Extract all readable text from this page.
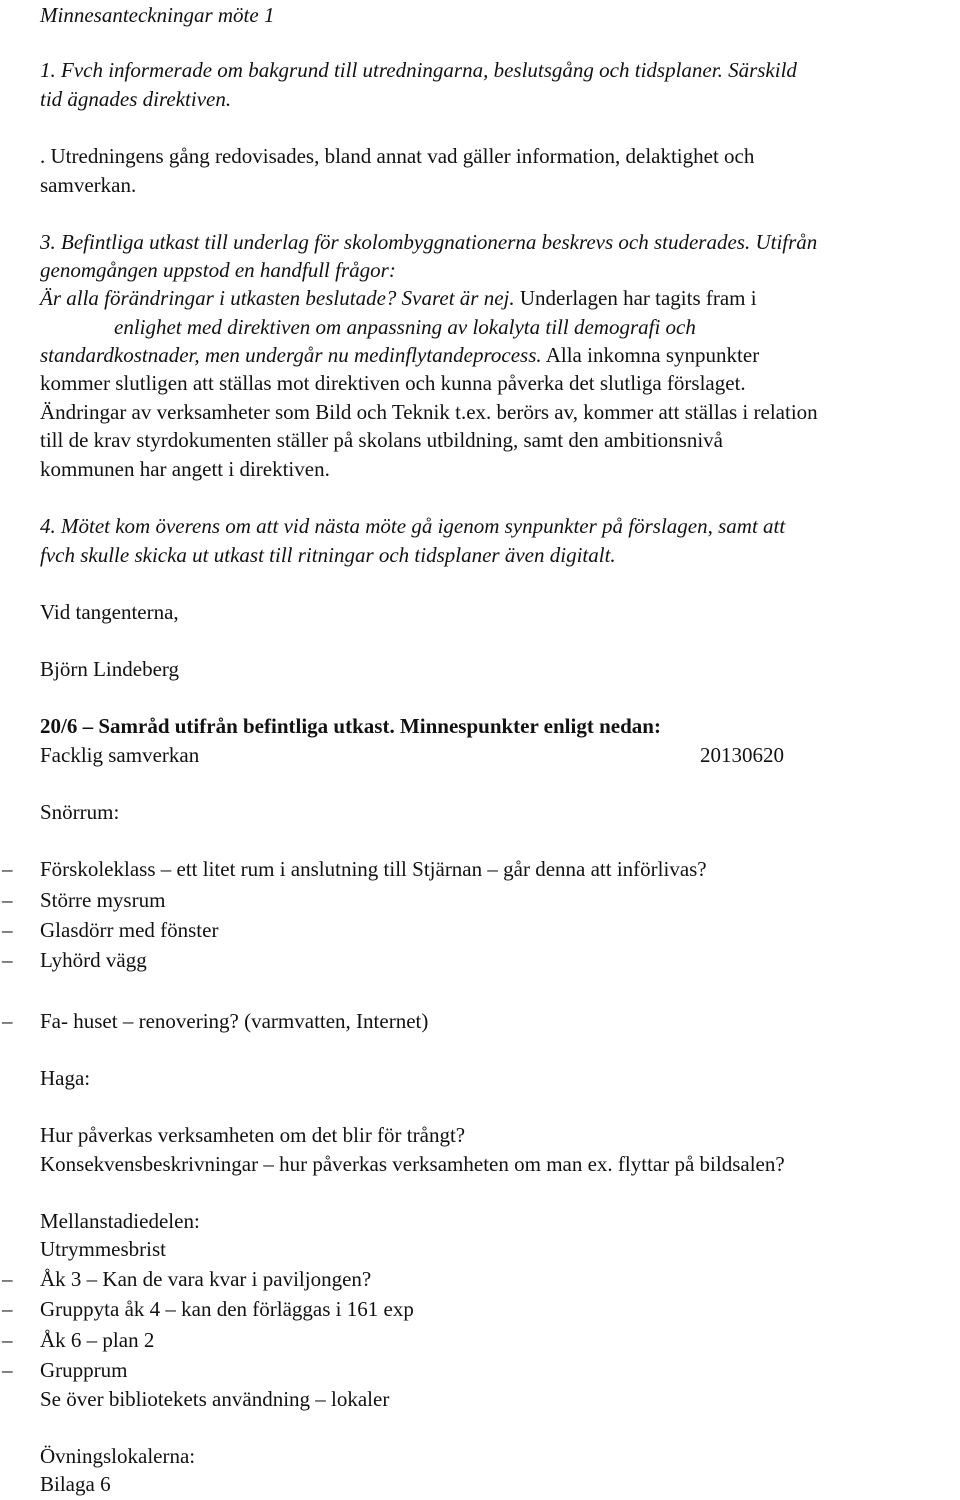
Minnesanteckningar möte 1
1. Fvch informerade om bakgrund till utredningarna, beslutsgång och tidsplaner. Särskild
tid ägnades direktiven.
. Utredningens gång redovisades, bland annat vad gäller information, delaktighet och
samverkan.
3. Befintliga utkast till underlag för skolombyggnationerna beskrevs och studerades. Utifrån
genomgången uppstod en handfull frågor:
Är alla förändringar i utkasten beslutade? Svaret är nej. Underlagen har tagits fram i
enlighet med direktiven om anpassning av lokalyta till demografi och
standardkostnader, men undergår nu medinflytandeprocess. Alla inkomna synpunkter
kommer slutligen att ställas mot direktiven och kunna påverka det slutliga förslaget.
Ändringar av verksamheter som Bild och Teknik t.ex. berörs av, kommer att ställas i relation
till de krav styrdokumenten ställer på skolans utbildning, samt den ambitionsnivå
kommunen har angett i direktiven.
4. Mötet kom överens om att vid nästa möte gå igenom synpunkter på förslagen, samt att
fvch skulle skicka ut utkast till ritningar och tidsplaner även digitalt.
Vid tangenterna,
Björn Lindeberg
20/6 – Samråd utifrån befintliga utkast. Minnespunkter enligt nedan:
Facklig samverkan	20130620
Snörrum:
–	Förskoleklass – ett litet rum i anslutning till Stjärnan – går denna att införlivas?
–	Större mysrum
–	Glasdörr med fönster
–	Lyhörd vägg
–	Fa- huset – renovering? (varmvatten, Internet)
Haga:
Hur påverkas verksamheten om det blir för trångt?
Konsekvensbeskrivningar – hur påverkas verksamheten om man ex. flyttar på bildsalen?
Mellanstadiedelen:
Utrymmesbrist
–	Åk 3 – Kan de vara kvar i paviljongen?
–	Gruppyta åk 4 – kan den förläggas i 161 exp
–	Åk 6 – plan 2
–	Grupprum
Se över bibliotekets användning – lokaler
Övningslokalerna:
Bilaga 6
